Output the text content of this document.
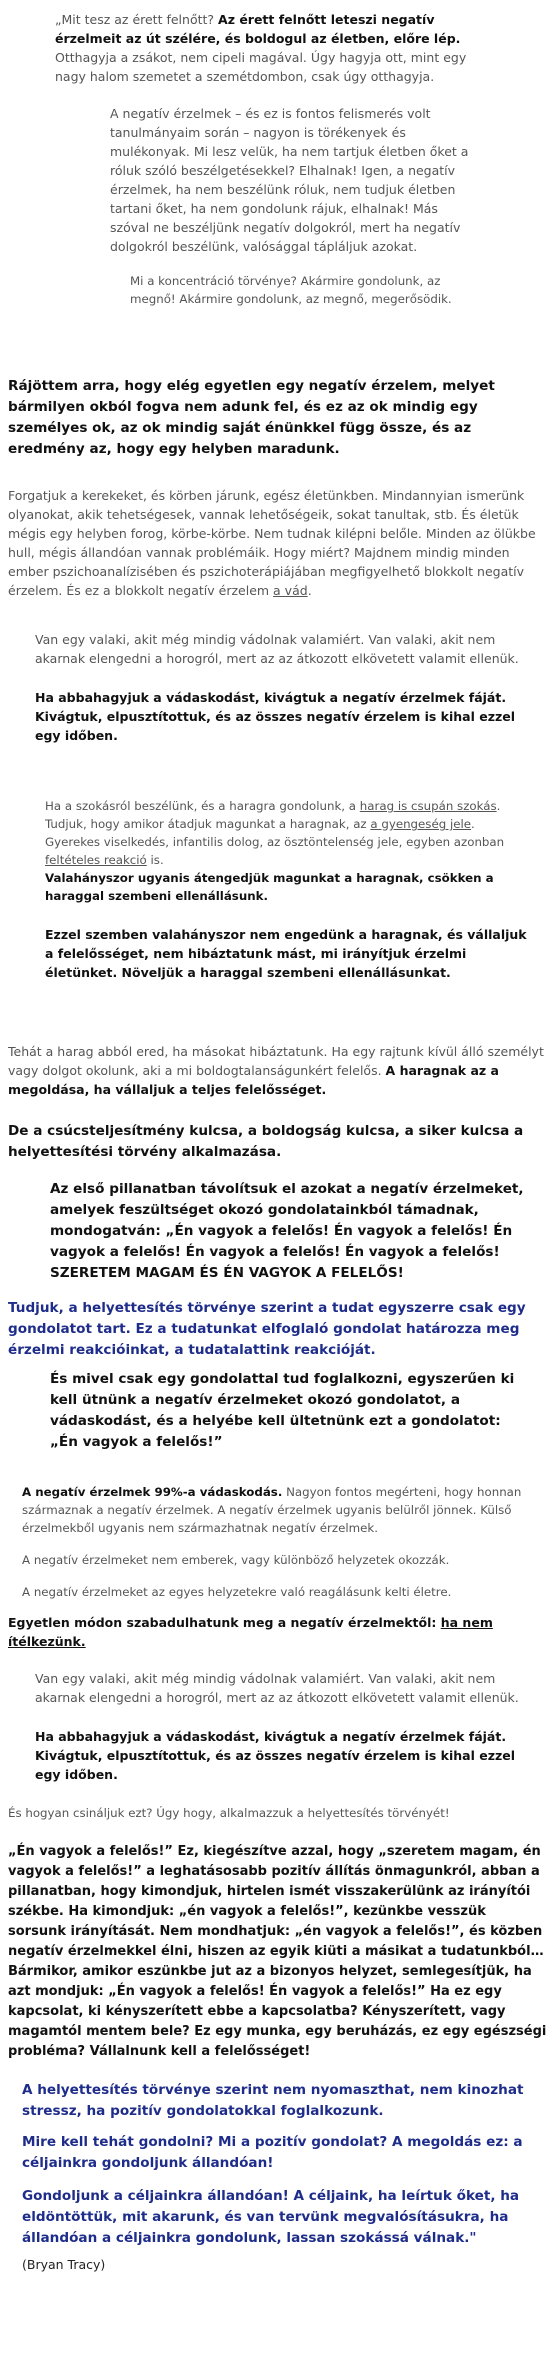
„Mit tesz az érett felnőtt? Az érett felnőtt leteszi negatív érzelmeit az út szélére, és boldogul az életben, előre lép. Otthagyja a zsákot, nem cipeli magával. Úgy hagyja ott, mint egy nagy halom szemetet a szemétdombon, csak úgy otthagyja.

A negatív érzelmek – és ez is fontos felismerés volt tanulmányaim során – nagyon is törékenyek és mulékonyak. Mi lesz velük, ha nem tartjuk életben őket a róluk szóló beszélgetésekkel? Elhalnak! Igen, a negatív érzelmek, ha nem beszélünk róluk, nem tudjuk életben tartani őket, ha nem gondolunk rájuk, elhalnak! Más szóval ne beszéljünk negatív dolgokról, mert ha negatív dolgokról beszélünk, valósággal tápláljuk azokat.

Mi a koncentráció törvénye? Akármire gondolunk, az megnő! Akármire gondolunk, az megnő, megerősödik.

Rájöttem arra, hogy elég egyetlen egy negatív érzelem, melyet bármilyen okból fogva nem adunk fel, és ez az ok mindig egy személyes ok, az ok mindig saját énünkkel függ össze, és az eredmény az, hogy egy helyben maradunk.

Forgatjuk a kerekeket, és körben járunk, egész életünkben. Mindannyian ismerünk olyanokat, akik tehetségesek, vannak lehetőségeik, sokat tanultak, stb. És életük mégis egy helyben forog, körbe-körbe. Nem tudnak kilépni belőle. Minden az ölükbe hull, mégis állandóan vannak problémáik. Hogy miért? Majdnem mindig minden ember pszichoanalízisében és pszichoterápiájában megfigyelhető blokkolt negatív érzelem. És ez a blokkolt negatív érzelem a vád.

Van egy valaki, akit még mindig vádolnak valamiért. Van valaki, akit nem akarnak elengedni a horogról, mert az az átkozott elkövetett valamit ellenük.

Ha abbahagyjuk a vádaskodást, kivágtuk a negatív érzelmek fáját. Kivágtuk, elpusztítottuk, és az összes negatív érzelem is kihal ezzel egy időben.

Ha a szokásról beszélünk, és a haragra gondolunk, a harag is csupán szokás. Tudjuk, hogy amikor átadjuk magunkat a haragnak, az a gyengeség jele. Gyerekes viselkedés, infantilis dolog, az ösztöntelenség jele, egyben azonban feltételes reakció is.
Valahányszor ugyanis átengedjük magunkat a haragnak, csökken a haraggal szembeni ellenállásunk.

Ezzel szemben valahányszor nem engedünk a haragnak, és vállaljuk a felelősséget, nem hibáztatunk mást, mi irányítjuk érzelmi életünket. Növeljük a haraggal szembeni ellenállásunkat.

Tehát a harag abból ered, ha másokat hibáztatunk. Ha egy rajtunk kívül álló személyt vagy dolgot okolunk, aki a mi boldogtalanságunkért felelős. A haragnak az a megoldása, ha vállaljuk a teljes felelősséget.

De a csúcsteljesítmény kulcsa, a boldogság kulcsa, a siker kulcsa a helyettesítési törvény alkalmazása.

Az első pillanatban távolítsuk el azokat a negatív érzelmeket, amelyek feszültséget okozó gondolatainkból támadnak, mondogatván: „Én vagyok a felelős! Én vagyok a felelős! Én vagyok a felelős! Én vagyok a felelős! Én vagyok a felelős! SZERETEM MAGAM ÉS ÉN VAGYOK A FELELŐS!

Tudjuk, a helyettesítés törvénye szerint a tudat egyszerre csak egy gondolatot tart. Ez a tudatunkat elfoglaló gondolat határozza meg érzelmi reakcióinkat, a tudatalattink reakcióját.

És mivel csak egy gondolattal tud foglalkozni, egyszerűen ki kell ütnünk a negatív érzelmeket okozó gondolatot, a vádaskodást, és a helyébe kell ültetnünk ezt a gondolatot: „Én vagyok a felelős!”

A negatív érzelmek 99%-a vádaskodás. Nagyon fontos megérteni, hogy honnan származnak a negatív érzelmek. A negatív érzelmek ugyanis belülről jönnek. Külső érzelmekből ugyanis nem származhatnak negatív érzelmek.

A negatív érzelmeket nem emberek, vagy különböző helyzetek okozzák.

A negatív érzelmeket az egyes helyzetekre való reagálásunk kelti életre.

Egyetlen módon szabadulhatunk meg a negatív érzelmektől: ha nem ítélkezünk.

Van egy valaki, akit még mindig vádolnak valamiért. Van valaki, akit nem akarnak elengedni a horogról, mert az az átkozott elkövetett valamit ellenük.

Ha abbahagyjuk a vádaskodást, kivágtuk a negatív érzelmek fáját. Kivágtuk, elpusztítottuk, és az összes negatív érzelem is kihal ezzel egy időben.

És hogyan csináljuk ezt? Úgy hogy, alkalmazzuk a helyettesítés törvényét!

„Én vagyok a felelős!” Ez, kiegészítve azzal, hogy „szeretem magam, én vagyok a felelős!” a leghatásosabb pozitív állítás önmagunkról, abban a pillanatban, hogy kimondjuk, hirtelen ismét visszakerülünk az irányítói székbe. Ha kimondjuk: „én vagyok a felelős!”, kezünkbe vesszük sorsunk irányítását. Nem mondhatjuk: „én vagyok a felelős!”, és közben negatív érzelmekkel élni, hiszen az egyik kiüti a másikat a tudatunkból… Bármikor, amikor eszünkbe jut az a bizonyos helyzet, semlegesítjük, ha azt mondjuk: „Én vagyok a felelős! Én vagyok a felelős!” Ha ez egy kapcsolat, ki kényszerített ebbe a kapcsolatba? Kényszerített, vagy magamtól mentem bele? Ez egy munka, egy beruházás, ez egy egészségi probléma? Vállalnunk kell a felelősséget!

A helyettesítés törvénye szerint nem nyomaszthat, nem kinozhat stressz, ha pozitív gondolatokkal foglalkozunk.

Mire kell tehát gondolni? Mi a pozitív gondolat? A megoldás ez: a céljainkra gondoljunk állandóan!

Gondoljunk a céljainkra állandóan! A céljaink, ha leírtuk őket, ha eldöntöttük, mit akarunk, és van tervünk megvalósításukra, ha állandóan a céljainkra gondolunk, lassan szokássá válnak."

(Bryan Tracy)
